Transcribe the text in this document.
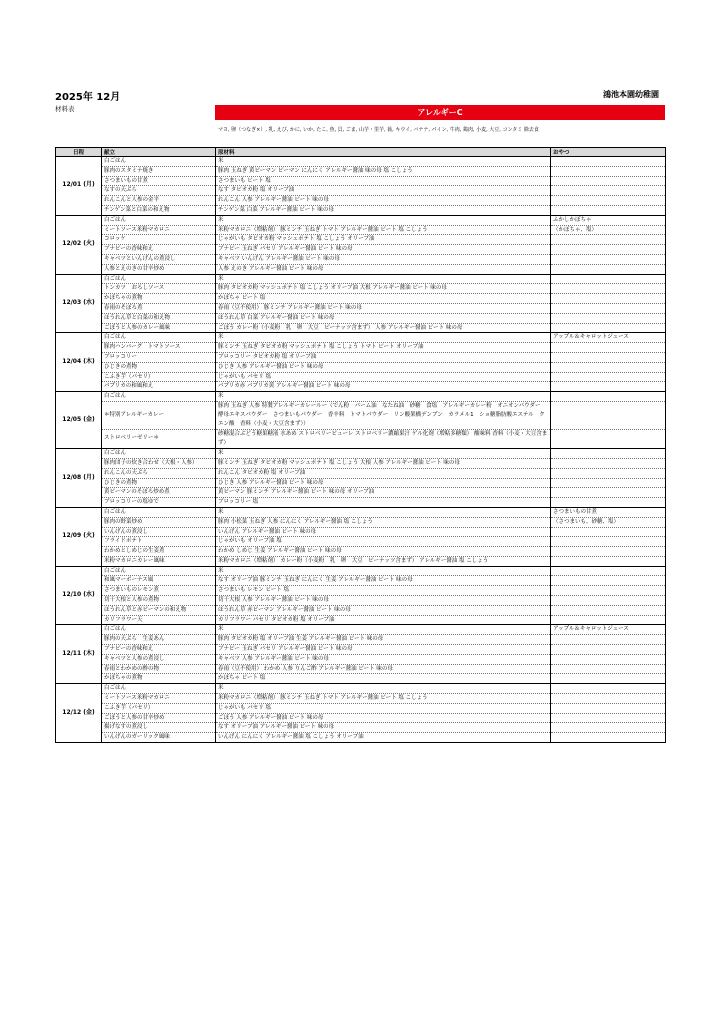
2025年 12月	鴻池本園幼稚園
材料表	アレルギーC
マヨ, 卵（つなぎ×）, 乳, えび, かに, いか, たこ, 魚, 貝, ごま, 山芋・里芋, 蕎, キウイ, バナナ, パイン, 牛肉, 鶏肉, 小麦, 大豆, コンタミ 除去食
日程	献立	原材料	おやつ
12/01 (月)	白ごはん	米	
	豚肉のスタミナ焼き	豚肉 玉ねぎ 黄ピーマン ピーマン にんにく アレルギー醤油 味の母 塩 こしょう	
	さつまいもの甘煮	さつまいも ビート 塩	
	なすの天ぷら	なす タピオカ粉 塩 オリーブ油	
	れんこんと人参の金平	れんこん 人参 アレルギー醤油 ビート 味の母	
	チンゲン菜と白菜の和え物	チンゲン菜 白菜 アレルギー醤油 ビート 味の母	
12/02 (火)	白ごはん	米	ふかしかぼちゃ
	ミートソース米粉マカロニ	米粉マカロニ（増粘剤） 豚ミンチ 玉ねぎ トマト アレルギー醤油 ビート 塩 こしょう	（かぼちゃ、塩）
	コロッケ	じゃがいも タピオカ粉 マッシュポテト 塩 こしょう オリーブ油	
	ブナピーの香味和え	ブナピー 玉ねぎ パセリ アレルギー醤油 ビート 味の母	
	キャベツといんげんの煮浸し	キャベツ いんげん アレルギー醤油 ビート 味の母	
	人参とえのきの甘辛炒め	人参 えのき アレルギー醤油 ビート 味の母	
12/03 (水)	白ごはん	米	
	トンカツ　おろしソース	豚肉 タピオカ粉 マッシュポテト 塩 こしょう オリーブ油 大根 アレルギー醤油 ビート 味の母	
	かぼちゃの煮物	かぼちゃ ビート 塩	
	春雨のそぼろ煮	春雨（豆不使用） 豚ミンチ アレルギー醤油 ビート 味の母	
	ほうれん草と白菜の和え物	ほうれん草 白菜 アレルギー醤油 ビート 味の母	
	ごぼうと人参のカレー風味	ごぼう カレー粉（小麦粉　乳　卵　大豆　ピーナッツ含まず） 人参 アレルギー醤油 ビート 味の母	
12/04 (木)	白ごはん	米	アップル＆キャロットジュース
	豚肉ハンバーグ　トマトソース	豚ミンチ 玉ねぎ タピオカ粉 マッシュポテト 塩 こしょう トマト ビート オリーブ油	
	ブロッコリー	ブロッコリー タピオカ粉 塩 オリーブ油	
	ひじきの煮物	ひじき 人参 アレルギー醤油 ビート 味の母	
	こふき芋（パセリ）	じゃがいも パセリ 塩	
	パプリカの和風和え	パプリカ赤 パプリカ黄 アレルギー醤油 ビート 味の母	
12/05 (金)	白ごはん	米	
	＊特別アレルギーカレー	豚肉 玉ねぎ 人参 特製アレルギーカレールー（でん粉　パーム油　なたね油　砂糖　食塩　アレルギーカレー粉　オニオンパウダー　酵母エキスパウダー　さつまいもパウダー　香辛料　トマトパウダー　リン酸架橋デンプン　カラメル1　ショ糖脂肪酸エステル　クエン酸　香料（小麦・大豆含まず））	
	ストロベリーゼリー＊	砂糖混合ぶどう糖果糖液 水あめ ストロベリーピューレ ストロベリー濃縮果汁 ゲル化剤（増粘多糖類） 酸味料 香料（小麦・大豆含まず）	
12/08 (月)	白ごはん	米	
	豚肉団子の炊き合わせ（大根・人参）	豚ミンチ 玉ねぎ タピオカ粉 マッシュポテト 塩 こしょう 大根 人参 アレルギー醤油 ビート 味の母	
	れんこんの天ぷら	れんこん タピオカ粉 塩 オリーブ油	
	ひじきの煮物	ひじき 人参 アレルギー醤油 ビート 味の母	
	黄ピーマンのそぼろ炒め煮	黄ピーマン 豚ミンチ アレルギー醤油 ビート 味の母 オリーブ油	
	ブロッコリーの塩ゆで	ブロッコリー 塩	
12/09 (火)	白ごはん	米	さつまいもの甘煮
	豚肉の野菜炒め	豚肉 小松菜 玉ねぎ 人参 にんにく アレルギー醤油 塩 こしょう	（さつまいも、砂糖、塩）
	いんげんの煮浸し	いんげん アレルギー醤油 ビート 味の母	
	フライドポテト	じゃがいも オリーブ油 塩	
	わかめとしめじの生姜煮	わかめ しめじ 生姜 アレルギー醤油 ビート 味の母	
	米粉マカロニカレー風味	米粉マカロニ（増粘剤） カレー粉（小麦粉　乳　卵　大豆　ピーナッツ含まず） アレルギー醤油 塩 こしょう	
12/10 (水)	白ごはん	米	
	和風マーボーナス風	なす オリーブ油 豚ミンチ 玉ねぎ にんにく 生姜 アレルギー醤油 ビート 味の母	
	さつまいものレモン煮	さつまいも レモン ビート 塩	
	切干大根と人参の煮物	切干大根 人参 アレルギー醤油 ビート 味の母	
	ほうれん草と赤ピーマンの和え物	ほうれん草 赤ピーマン アレルギー醤油 ビート 味の母	
	カリフラワー天	カリフラワー パセリ タピオカ粉 塩 オリーブ油	
12/11 (木)	白ごはん	米	アップル＆キャロットジュース
	豚肉の天ぷら　生姜あん	豚肉 タピオカ粉 塩 オリーブ油 生姜 アレルギー醤油 ビート 味の母	
	ブナピーの香味和え	ブナピー 玉ねぎ パセリ アレルギー醤油 ビート 味の母	
	キャベツと人参の煮浸し	キャベツ 人参 アレルギー醤油 ビート 味の母	
	春雨とわかめの酢の物	春雨（豆不使用） わかめ 人参 りんご酢 アレルギー醤油 ビート 味の母	
	かぼちゃの煮物	かぼちゃ ビート 塩	
12/12 (金)	白ごはん	米	
	ミートソース米粉マカロニ	米粉マカロニ（増粘剤） 豚ミンチ 玉ねぎ トマト アレルギー醤油 ビート 塩 こしょう	
	こふき芋（パセリ）	じゃがいも パセリ 塩	
	ごぼうと人参の甘辛炒め	ごぼう 人参 アレルギー醤油 ビート 味の母	
	揚げなすの煮浸し	なす オリーブ油 アレルギー醤油 ビート 味の母	
	いんげんのガーリック風味	いんげん にんにく アレルギー醤油 塩 こしょう オリーブ油	
